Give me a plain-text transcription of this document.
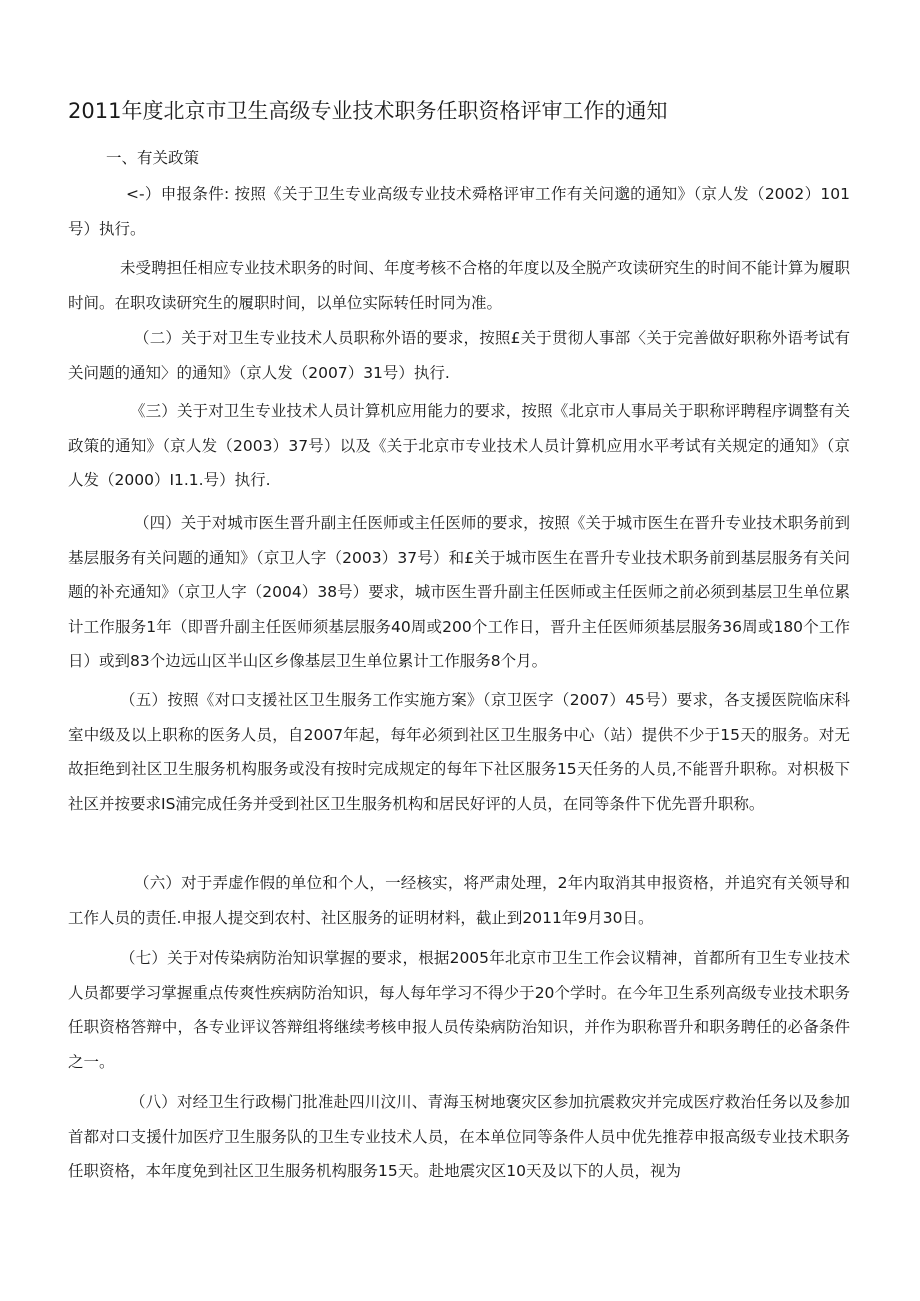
2011年度北京市卫生高级专业技术职务任职资格评审工作的通知

一、有关政策

<-）申报条件: 按照《关于卫生专业高级专业技术舜格评审工作有关问邈的通知》（京人发（2002）101号）执行。

未受聘担任相应专业技术职务的时间、年度考核不合格的年度以及全脱产攻读研究生的时间不能计算为履职时间。在职攻读研究生的履职时间，以单位实际转任时同为准。

（二）关于对卫生专业技术人员职称外语的要求，按照£关于贯彻人事部〈关于完善做好职称外语考试有关问题的通知〉的通知》（京人发（2007）31号）执行.

《三）关于对卫生专业技术人员计算机应用能力的要求，按照《北京市人事局关于职称评聘程序调整有关政策的通知》（京人发（2003）37号）以及《关于北京市专业技术人员计算机应用水平考试有关规定的通知》（京人发（2000）I1.1.号）执行.

（四）关于对城市医生晋升副主任医师或主任医师的要求，按照《关于城市医生在晋升专业技术职务前到基层服务有关问题的通知》（京卫人字（2003）37号）和£关于城市医生在晋升专业技术职务前到基层服务有关问题的补充通知》（京卫人字（2004）38号）要求，城市医生晋升副主任医师或主任医师之前必须到基层卫生单位累计工作服务1年（即晋升副主任医师须基层服务40周或200个工作日，晋升主任医师须基层服务36周或180个工作日）或到83个边远山区半山区乡像基层卫生单位累计工作服务8个月。

（五）按照《对口支援社区卫生服务工作实施方案》（京卫医字（2007）45号）要求，各支援医院临床科室中级及以上职称的医务人员，自2007年起，每年必须到社区卫生服务中心（站）提供不少于15天的服务。对无故拒绝到社区卫生服务机构服务或没有按时完成规定的每年下社区服务15天任务的人员,不能晋升职称。对枳极下社区并按要求IS浦完成任务并受到社区卫生服务机构和居民好评的人员，在同等条件下优先晋升职称。

（六）对于弄虚作假的单位和个人，一经核实，将严肃处理，2年内取消其申报资格，并追究有关领导和工作人员的责任.申报人提交到农村、社区服务的证明材料，截止到2011年9月30日。

（七）关于对传染病防治知识掌握的要求，根据2005年北京市卫生工作会议精神，首都所有卫生专业技术人员都要学习掌握重点传爽性疾病防治知识，每人每年学习不得少于20个学时。在今年卫生系列高级专业技术职务任职资格答辩中，各专业评议答辩组将继续考核申报人员传染病防治知识，并作为职称晋升和职务聘任的必备条件之一。

（八）对经卫生行政楊门批准赴四川汶川、青海玉树地褒灾区参加抗震救灾并完成医疗救治任务以及参加首都对口支援什加医疗卫生服务队的卫生专业技术人员，在本单位同等条件人员中优先推荐申报高级专业技术职务任职资格，本年度免到社区卫生服务机构服务15天。赴地震灾区10天及以下的人员，视为
